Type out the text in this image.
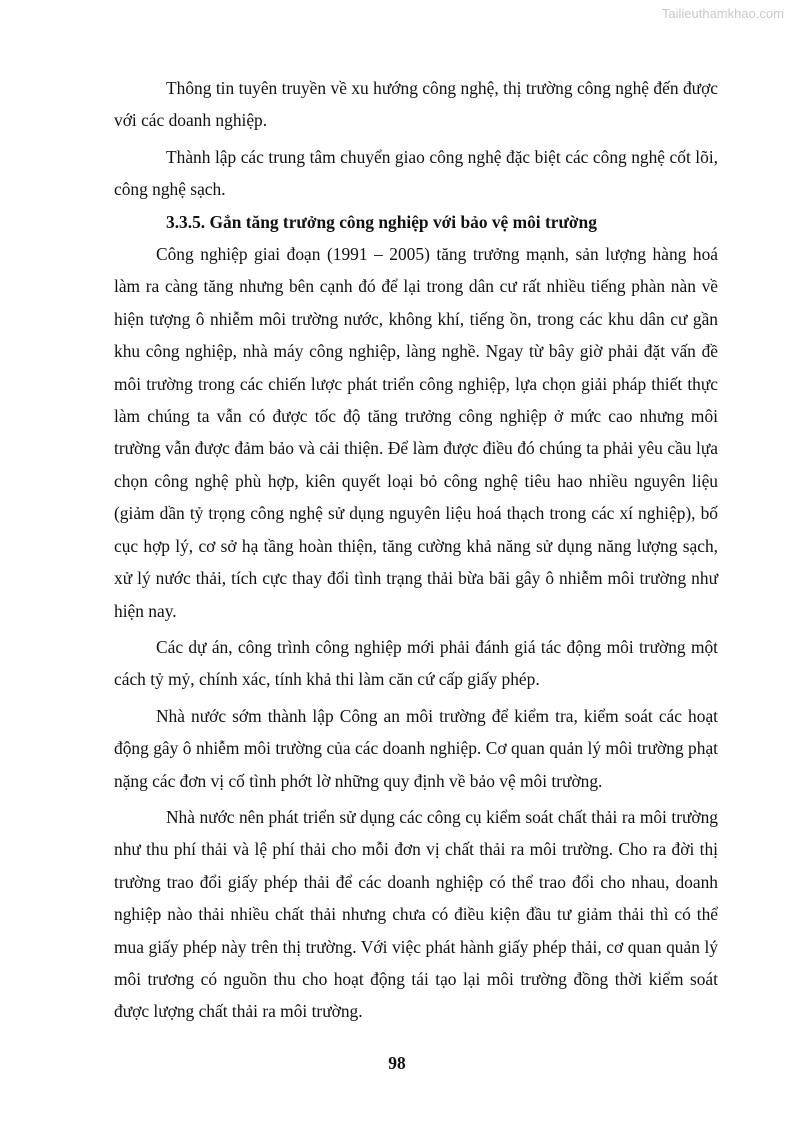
Tailieuthamkhao.com

Thông tin tuyên truyền về xu hướng công nghệ, thị trường công nghệ đến được với các doanh nghiệp.

Thành lập các trung tâm chuyển giao công nghệ đặc biệt các công nghệ cốt lõi, công nghệ sạch.

3.3.5. Gắn tăng trưởng công nghiệp với bảo vệ môi trường

Công nghiệp giai đoạn (1991 – 2005) tăng trưởng mạnh, sản lượng hàng hoá làm ra càng tăng nhưng bên cạnh đó để lại trong dân cư rất nhiều tiếng phàn nàn về hiện tượng ô nhiễm môi trường nước, không khí, tiếng ồn, trong các khu dân cư gần khu công nghiệp, nhà máy công nghiệp, làng nghề. Ngay từ bây giờ phải đặt vấn đề môi trường trong các chiến lược phát triển công nghiệp, lựa chọn giải pháp thiết thực làm chúng ta vẫn có được tốc độ tăng trưởng công nghiệp ở mức cao nhưng môi trường vẫn được đảm bảo và cải thiện. Để làm được điều đó chúng ta phải yêu cầu lựa chọn công nghệ phù hợp, kiên quyết loại bỏ công nghệ tiêu hao nhiều nguyên liệu (giảm dần tỷ trọng công nghệ sử dụng nguyên liệu hoá thạch trong các xí nghiệp), bố cục hợp lý, cơ sở hạ tầng hoàn thiện, tăng cường khả năng sử dụng năng lượng sạch, xử lý nước thải, tích cực thay đổi tình trạng thải bừa bãi gây ô nhiễm môi trường như hiện nay.

Các dự án, công trình công nghiệp mới phải đánh giá tác động môi trường một cách tỷ mỷ, chính xác, tính khả thi làm căn cứ cấp giấy phép.

Nhà nước sớm thành lập Công an môi trường để kiểm tra, kiểm soát các hoạt động gây ô nhiễm môi trường của các doanh nghiệp. Cơ quan quản lý môi trường phạt nặng các đơn vị cố tình phớt lờ những quy định về bảo vệ môi trường.

Nhà nước nên phát triển sử dụng các công cụ kiểm soát chất thải ra môi trường như thu phí thải và lệ phí thải cho mỗi đơn vị chất thải ra môi trường. Cho ra đời thị trường trao đổi giấy phép thải để các doanh nghiệp có thể trao đổi cho nhau, doanh nghiệp nào thải nhiều chất thải nhưng chưa có điều kiện đầu tư giảm thải thì có thể mua giấy phép này trên thị trường. Với việc phát hành giấy phép thải, cơ quan quản lý môi trương có nguồn thu cho hoạt động tái tạo lại môi trường đồng thời kiểm soát được lượng chất thải ra môi trường.

98
